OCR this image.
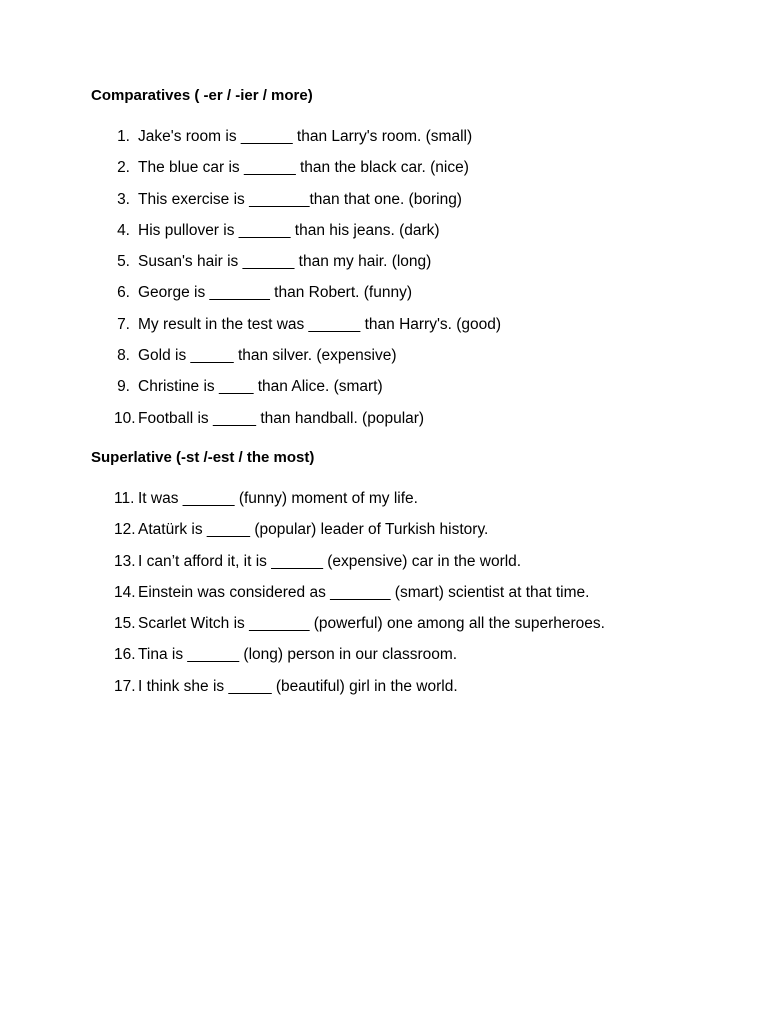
Comparatives ( -er / -ier / more)
1. Jake's room is ______ than Larry's room. (small)
2. The blue car is ______ than the black car. (nice)
3. This exercise is _______than that one. (boring)
4. His pullover is ______ than his jeans. (dark)
5. Susan's hair is ______ than my hair. (long)
6. George is _______ than Robert. (funny)
7. My result in the test was ______ than Harry's. (good)
8. Gold is _____ than silver. (expensive)
9. Christine is ____ than Alice. (smart)
10. Football is _____ than handball. (popular)
Superlative (-st /-est / the most)
11. It was ______ (funny) moment of my life.
12. Atatürk is _____ (popular) leader of Turkish history.
13. I can’t afford it, it is ______ (expensive) car in the world.
14. Einstein was considered as _______ (smart) scientist at that time.
15. Scarlet Witch is _______ (powerful) one among all the superheroes.
16. Tina is ______ (long) person in our classroom.
17. I think she is _____ (beautiful) girl in the world.
